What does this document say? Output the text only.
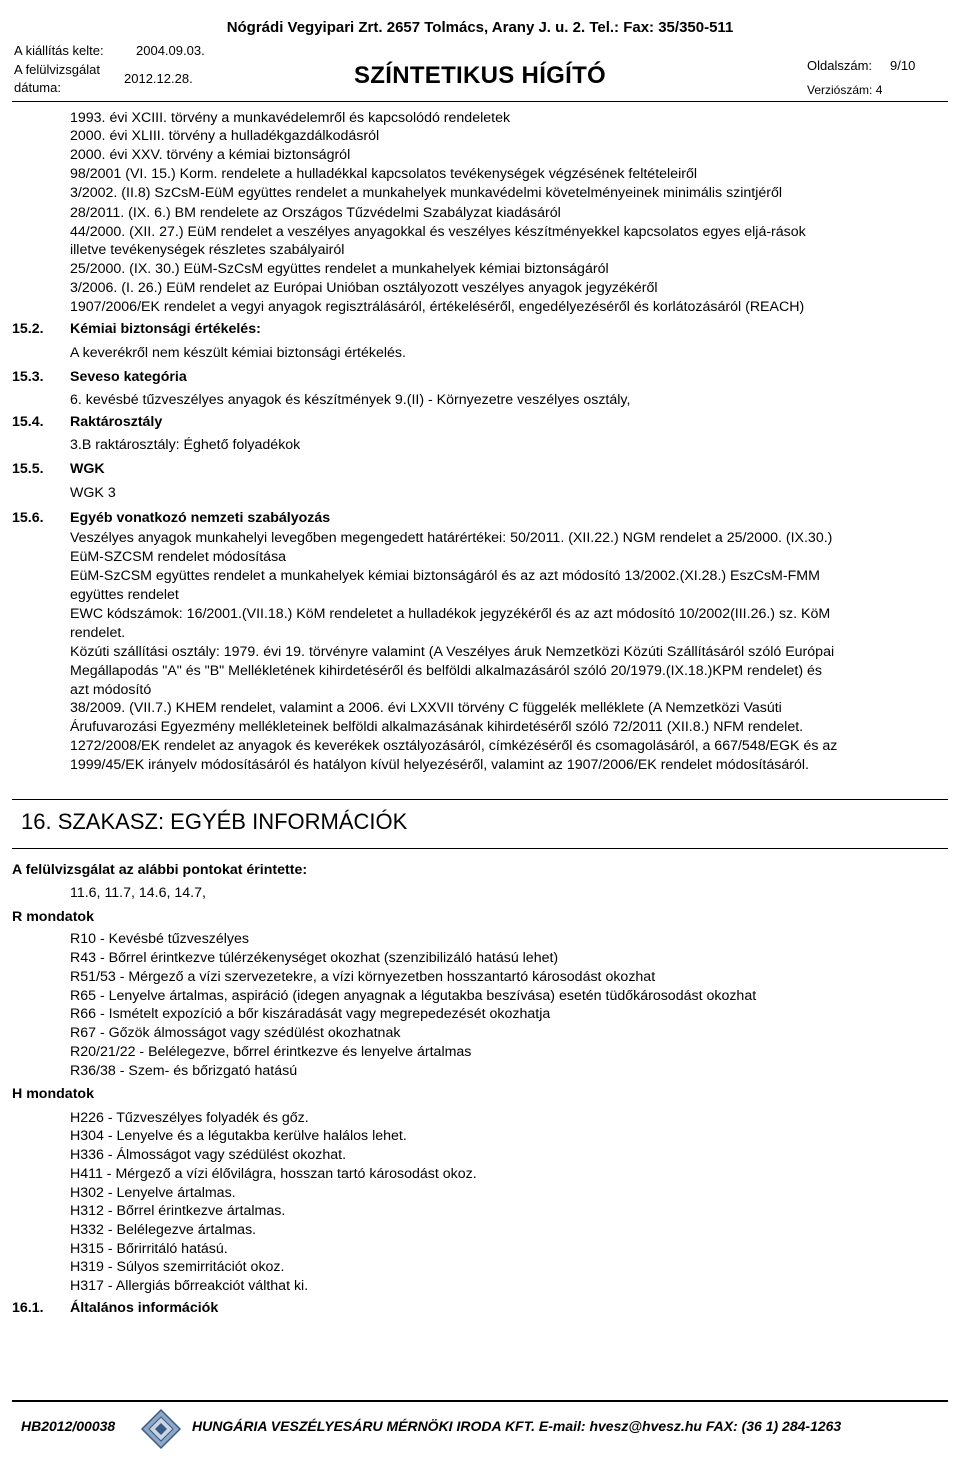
Nógrádi Vegyipari Zrt. 2657 Tolmács, Arany J. u. 2. Tel.: Fax: 35/350-511
A kiállítás kelte: 2004.09.03.
A felülvizsgálat
dátuma:
2012.12.28.	SZÍNTETIKUS HÍGÍTÓ	Oldalszám: 9/10
Verziószám: 4
1993. évi XCIII. törvény a munkavédelemről és kapcsolódó rendeletek
2000. évi XLIII. törvény a hulladékgazdálkodásról
2000. évi XXV. törvény a kémiai biztonságról
98/2001 (VI. 15.) Korm. rendelete a hulladékkal kapcsolatos tevékenységek végzésének feltételeiről
3/2002. (II.8) SzCsM-EüM együttes rendelet a munkahelyek munkavédelmi követelményeinek minimális szintjéről
28/2011. (IX. 6.) BM rendelete az Országos Tűzvédelmi Szabályzat kiadásáról
44/2000. (XII. 27.) EüM rendelet a veszélyes anyagokkal és veszélyes készítményekkel kapcsolatos egyes eljá-rások
illetve tevékenységek részletes szabályairól
25/2000. (IX. 30.) EüM-SzCsM együttes rendelet a munkahelyek kémiai biztonságáról
3/2006. (I. 26.) EüM rendelet az Európai Unióban osztályozott veszélyes anyagok jegyzékéről
1907/2006/EK rendelet a vegyi anyagok regisztrálásáról, értékeléséről, engedélyezéséről és korlátozásáról (REACH)
15.2. Kémiai biztonsági értékelés:
A keverékről nem készült kémiai biztonsági értékelés.
15.3. Seveso kategória
6. kevésbé tűzveszélyes anyagok és készítmények 9.(II) - Környezetre veszélyes osztály,
15.4. Raktárosztály
3.B raktárosztály: Éghető folyadékok
15.5. WGK
WGK 3
15.6. Egyéb vonatkozó nemzeti szabályozás
Veszélyes anyagok munkahelyi levegőben megengedett határértékei: 50/2011. (XII.22.) NGM rendelet a 25/2000. (IX.30.)
EüM-SZCSM rendelet módosítása
EüM-SzCSM együttes rendelet a munkahelyek kémiai biztonságáról és az azt módosító 13/2002.(XI.28.) EszCsM-FMM
együttes rendelet
EWC kódszámok: 16/2001.(VII.18.) KöM rendeletet a hulladékok jegyzékéről és az azt módosító 10/2002(III.26.) sz. KöM
rendelet.
Közúti szállítási osztály: 1979. évi 19. törvényre valamint (A Veszélyes áruk Nemzetközi Közúti Szállításáról szóló Európai
Megállapodás "A" és "B" Mellékletének kihirdetéséről és belföldi alkalmazásáról szóló 20/1979.(IX.18.)KPM rendelet) és
azt módosító
38/2009. (VII.7.) KHEM rendelet, valamint a 2006. évi LXXVII törvény C függelék melléklete (A Nemzetközi Vasúti
Árufuvarozási Egyezmény mellékleteinek belföldi alkalmazásának kihirdetéséről szóló 72/2011 (XII.8.) NFM rendelet.
1272/2008/EK rendelet az anyagok és keverékek osztályozásáról, címkézéséről és csomagolásáról, a 667/548/EGK és az
1999/45/EK irányelv módosításáról és hatályon kívül helyezéséről, valamint az 1907/2006/EK rendelet módosításáról.
16. SZAKASZ: EGYÉB INFORMÁCIÓK
A felülvizsgálat az alábbi pontokat érintette:
11.6, 11.7, 14.6, 14.7,
R mondatok
R10 - Kevésbé tűzveszélyes
R43 - Bőrrel érintkezve túlérzékenységet okozhat (szenzibilizáló hatású lehet)
R51/53 - Mérgező a vízi szervezetekre, a vízi környezetben hosszantartó károsodást okozhat
R65 - Lenyelve ártalmas, aspiráció (idegen anyagnak a légutakba beszívása) esetén tüdőkárosodást okozhat
R66 - Ismételt expozíció a bőr kiszáradását vagy megrepedezését okozhatja
R67 - Gőzök álmosságot vagy szédülést okozhatnak
R20/21/22 - Belélegezve, bőrrel érintkezve és lenyelve ártalmas
R36/38 - Szem- és bőrizgató hatású
H mondatok
H226 - Tűzveszélyes folyadék és gőz.
H304 - Lenyelve és a légutakba kerülve halálos lehet.
H336 - Álmosságot vagy szédülést okozhat.
H411 - Mérgező a vízi élővilágra, hosszan tartó károsodást okoz.
H302 - Lenyelve ártalmas.
H312 - Bőrrel érintkezve ártalmas.
H332 - Belélegezve ártalmas.
H315 - Bőrirritáló hatású.
H319 - Súlyos szemirritációt okoz.
H317 - Allergiás bőrreakciót válthat ki.
16.1. Általános információk
HB2012/00038	HUNGÁRIA VESZÉLYESÁRU MÉRNÖKI IRODA KFT. E-mail: hvesz@hvesz.hu FAX: (36 1) 284-1263
